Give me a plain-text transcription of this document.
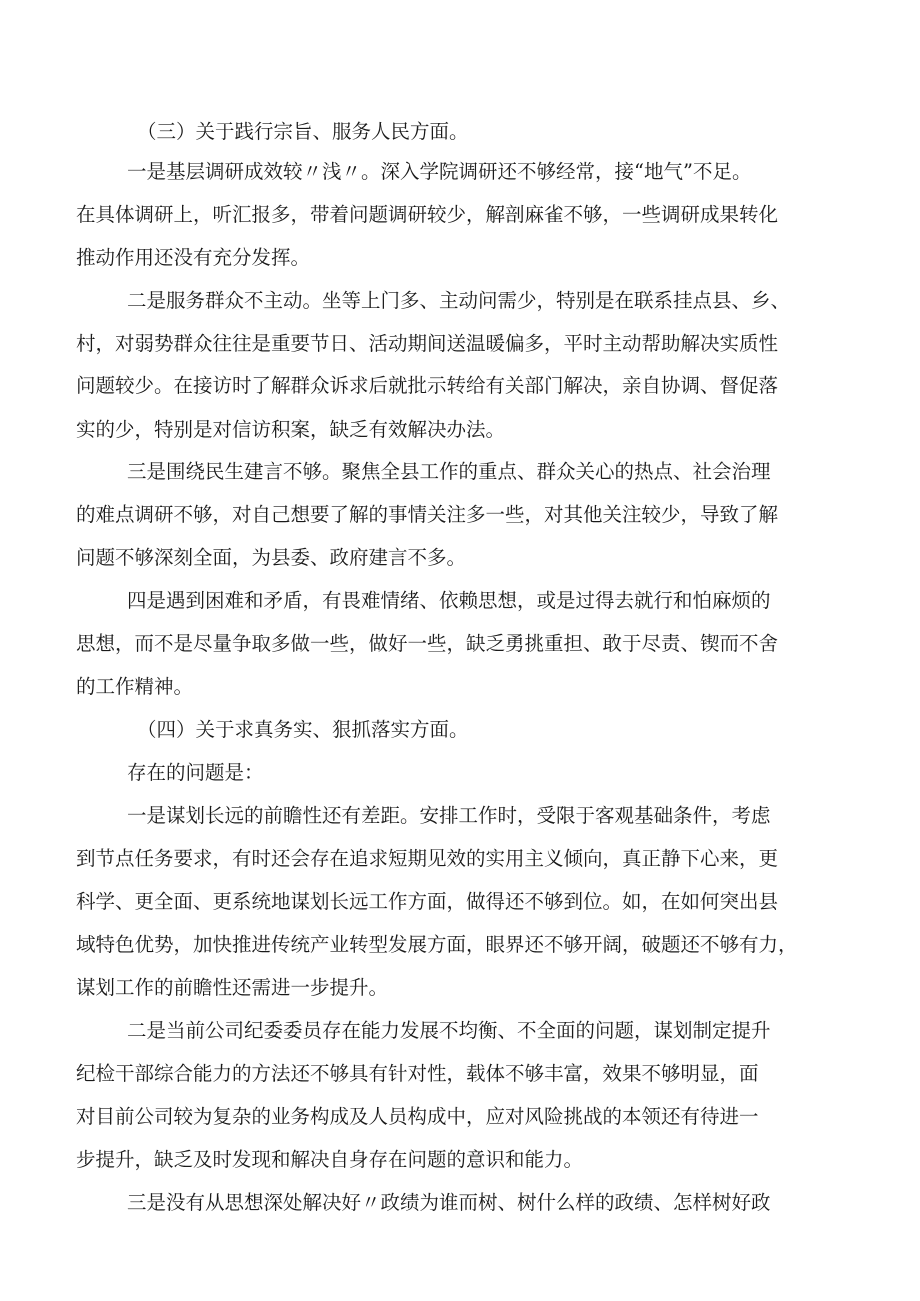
（三）关于践行宗旨、服务人民方面。
一是基层调研成效较〃浅〃。深入学院调研还不够经常，接“地气”不足。
在具体调研上，听汇报多，带着问题调研较少，解剖麻雀不够，一些调研成果转化
推动作用还没有充分发挥。
二是服务群众不主动。坐等上门多、主动问需少，特别是在联系挂点县、乡、
村，对弱势群众往往是重要节日、活动期间送温暖偏多，平时主动帮助解决实质性
问题较少。在接访时了解群众诉求后就批示转给有关部门解决，亲自协调、督促落
实的少，特别是对信访积案，缺乏有效解决办法。
三是围绕民生建言不够。聚焦全县工作的重点、群众关心的热点、社会治理
的难点调研不够，对自己想要了解的事情关注多一些，对其他关注较少，导致了解
问题不够深刻全面，为县委、政府建言不多。
四是遇到困难和矛盾，有畏难情绪、依赖思想，或是过得去就行和怕麻烦的
思想，而不是尽量争取多做一些，做好一些，缺乏勇挑重担、敢于尽责、锲而不舍
的工作精神。
（四）关于求真务实、狠抓落实方面。
存在的问题是：
一是谋划长远的前瞻性还有差距。安排工作时，受限于客观基础条件，考虑
到节点任务要求，有时还会存在追求短期见效的实用主义倾向，真正静下心来，更
科学、更全面、更系统地谋划长远工作方面，做得还不够到位。如，在如何突出县
域特色优势，加快推进传统产业转型发展方面，眼界还不够开阔，破题还不够有力，
谋划工作的前瞻性还需进一步提升。
二是当前公司纪委委员存在能力发展不均衡、不全面的问题，谋划制定提升
纪检干部综合能力的方法还不够具有针对性，载体不够丰富，效果不够明显，面
对目前公司较为复杂的业务构成及人员构成中，应对风险挑战的本领还有待进一
步提升，缺乏及时发现和解决自身存在问题的意识和能力。
三是没有从思想深处解决好〃政绩为谁而树、树什么样的政绩、怎样树好政
